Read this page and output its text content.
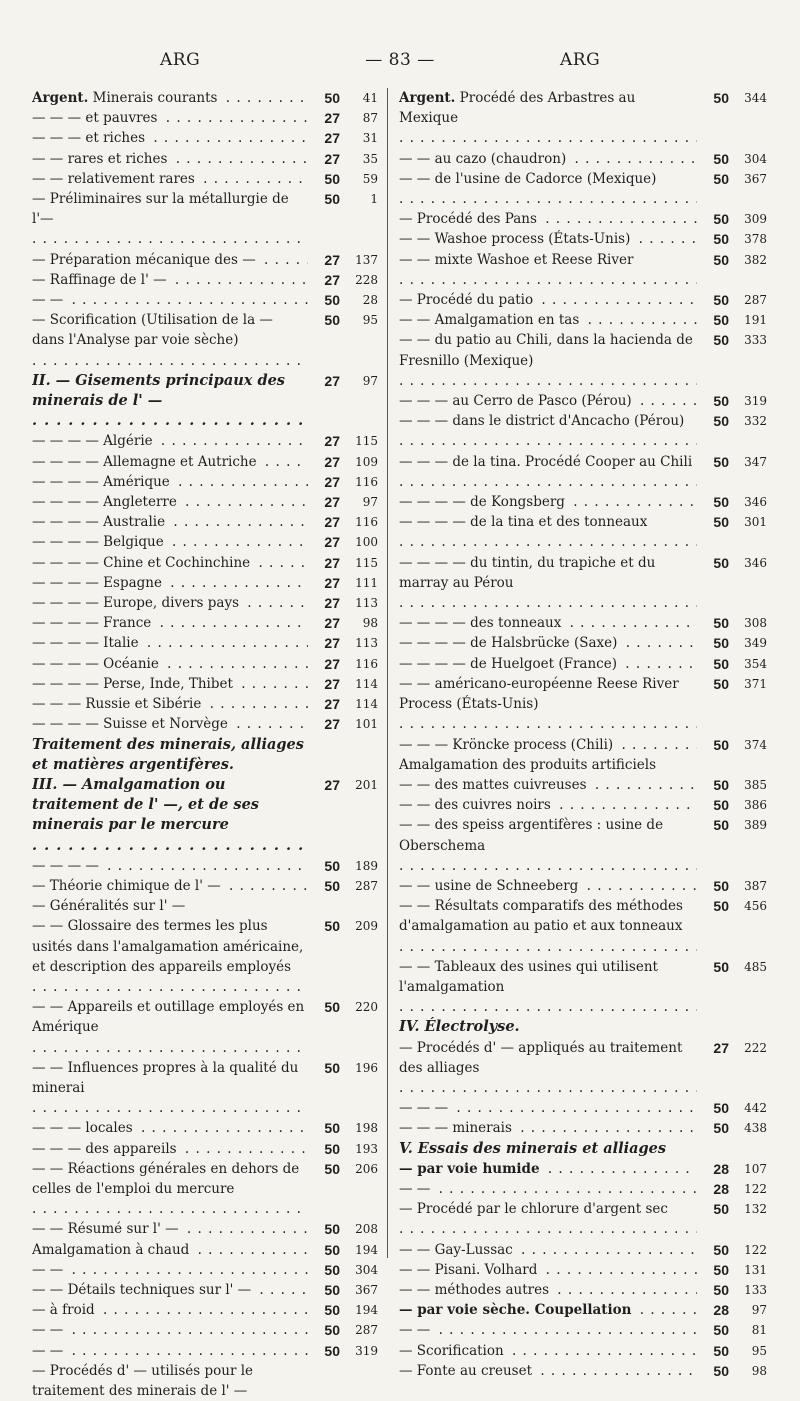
ARG	— 83 —	ARG
Argent. Minerais courants . . .	50	41
— — — et pauvres . . .	27	87
— — — et riches . . .	27	31
— — rares et riches . . .	27	35
— — relativement rares . . .	50	59
— Préliminaires sur la métallurgie de l'— . . .
50	1
— Préparation mécanique des — . . .	27	137
— Raffinage de l' — . . .	27	228
— — . . .	50	28
— Scorification (Utilisation de la — dans l'Analyse par voie sèche) . . .
50	95
II. — Gisements principaux des minerais de l' — . . .
27	97
— — — — Algérie . . .	27	115
— — — — Allemagne et Autriche . . .	27	109
— — — — Amérique . . .	27	116
— — — — Angleterre . . .	27	97
— — — — Australie . . .	27	116
— — — — Belgique . . .	27	100
— — — — Chine et Cochinchine . . .	27	115
— — — — Espagne . . .	27	111
— — — — Europe, divers pays . . .	27	113
— — — — France . . .	27	98
— — — — Italie . . .	27	113
— — — — Océanie . . .	27	116
— — — — Perse, Inde, Thibet . . .	27	114
— — — Russie et Sibérie . . .	27	114
— — — — Suisse et Norvège . . .	27	101
Traitement des minerais, alliages et matières argentifères.
III. — Amalgamation ou traitement de l' —, et de ses minerais par le mercure . . .
27	201
— — — — . . .	50	189
— Théorie chimique de l' — . . .	50	287
— Généralités sur l' —
— — Glossaire des termes les plus usités dans l'amalgamation américaine, et description des appareils employés . . .
50	209
— — Appareils et outillage employés en Amérique . . .
50	220
— — Influences propres à la qualité du minerai . . .
50	196
— — — locales . . .	50	198
— — — des appareils . . .	50	193
— — Réactions générales en dehors de celles de l'emploi du mercure . . .
50	206
— — Résumé sur l' — . . .	50	208
Amalgamation à chaud . . .	50	194
— — . . .	50	304
— — Détails techniques sur l' — . . .	50	367
— à froid . . .	50	194
— — . . .	50	287
— — . . .	50	319
— Procédés d' — utilisés pour le traitement des minerais de l' —
Argent. Procédé des Arbastres au Mexique . . .
50	344
— — au cazo (chaudron) . . .	50	304
— — de l'usine de Cadorce (Mexique) . . .	50	367
— Procédé des Pans . . .	50	309
— — Washoe process (États-Unis) . . .	50	378
— — mixte Washoe et Reese River . . .	50	382
— Procédé du patio . . .	50	287
— — Amalgamation en tas . . .	50	191
— — du patio au Chili, dans la hacienda de Fresnillo (Mexique) . . .
50	333
— — — au Cerro de Pasco (Pérou) . . .	50	319
— — — dans le district d'Ancacho (Pérou) . . .	50	332
— — — de la tina. Procédé Cooper au Chili . . .	50	347
— — — — de Kongsberg . . .	50	346
— — — — de la tina et des tonneaux . . .	50	301
— — — — du tintin, du trapiche et du marray au Pérou . . .
50	346
— — — — des tonneaux . . .	50	308
— — — — de Halsbrücke (Saxe) . . .	50	349
— — — — de Huelgoet (France) . . .	50	354
— — américano-européenne Reese River Process (États-Unis) . . .
50	371
— — — Kröncke process (Chili) . . .	50	374
Amalgamation des produits artificiels
— — des mattes cuivreuses . . .	50	385
— — des cuivres noirs . . .	50	386
— — des speiss argentifères : usine de Oberschema . . .
50	389
— — usine de Schneeberg . . .	50	387
— — Résultats comparatifs des méthodes d'amalgamation au patio et aux tonneaux . . .
50	456
— — Tableaux des usines qui utilisent l'amalgamation . . .
50	485
IV. Électrolyse.
— Procédés d' — appliqués au traitement des alliages . . .
27	222
— — — . . .	50	442
— — — minerais . . .	50	438
V. Essais des minerais et alliages
— par voie humide . . .	28	107
— — . . .	28	122
— Procédé par le chlorure d'argent sec . . .	50	132
— — Gay-Lussac . . .	50	122
— — Pisani. Volhard . . .	50	131
— — méthodes autres . . .	50	133
— par voie sèche. Coupellation . . .	28	97
— — . . .	50	81
— Scorification . . .	50	95
— Fonte au creuset . . .	50	98
